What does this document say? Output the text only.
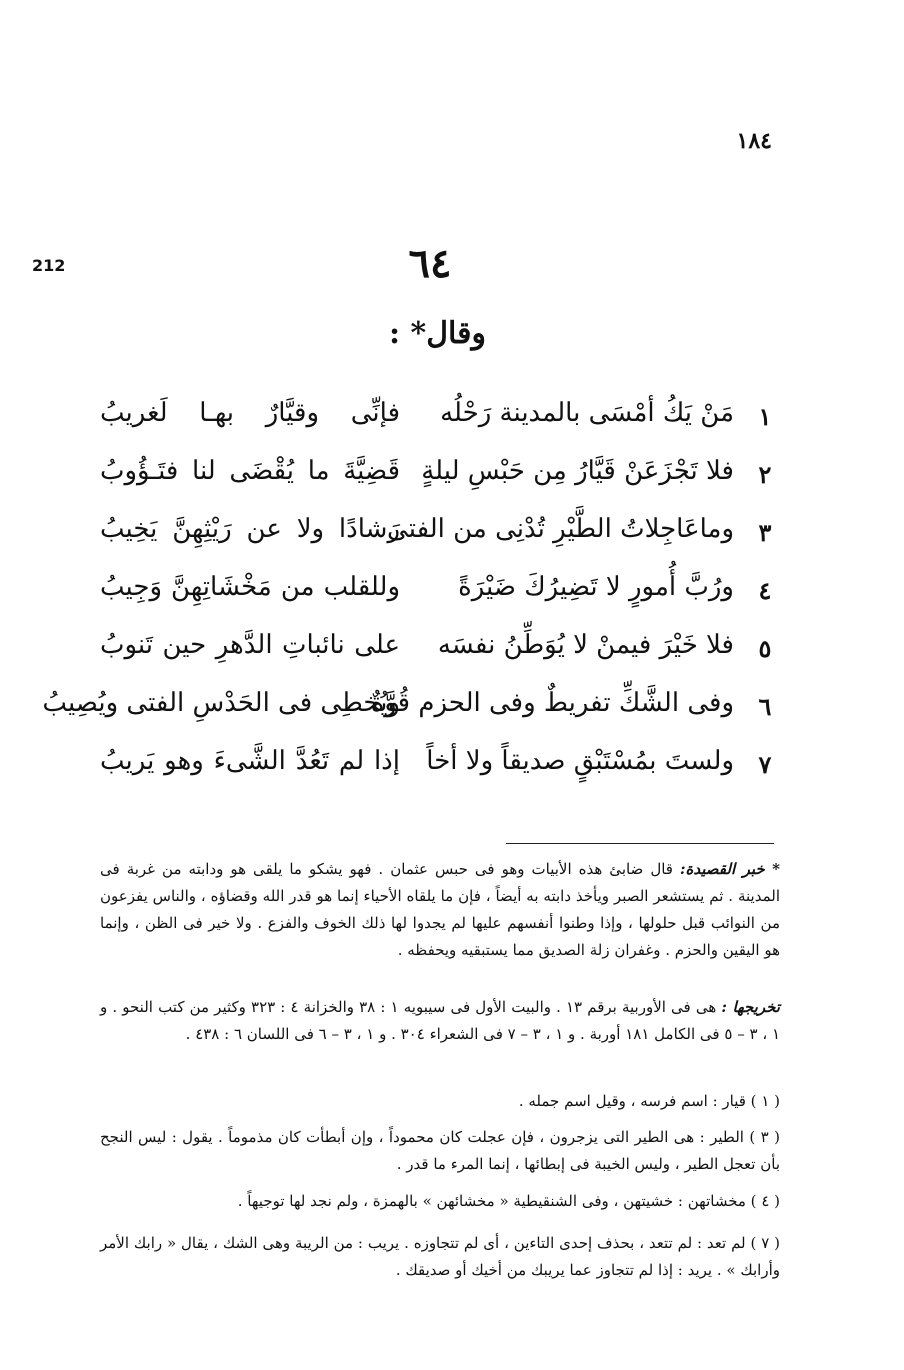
١٨٤
212	٦٤
وقال* :
١
مَنْ يَكُ أمْسَى بالمدينة رَحْلُه
فإنِّى وقيَّارٌ بهـا لَغريبُ
٢
فلا تَجْزَعَنْ قَيَّارُ مِن حَبْسِ ليلةٍ
قَضِيَّةَ ما يُقْضَى لنا فتَـؤُوبُ
٣
وماعَاجِلاتُ الطَّيْرِ تُدْنِى من الفتى
رَشادًا ولا عن رَيْثِهِنَّ يَخِيبُ
٤
ورُبَّ أُمورٍ لا تَضِيرُكَ ضَيْرَةً
وللقلب من مَخْشَاتِهِنَّ وَجِيبُ
٥
فلا خَيْرَ فيمنْ لا يُوَطِّنُ نفسَه
على نائباتِ الدَّهرِ حين تَنوبُ
٦
وفى الشَّكِّ تفريطٌ وفى الحزم قُوَّةٌ
ويُخطِى فى الحَدْسِ الفتى ويُصِيبُ
٧
ولستَ بمُسْتَبْقٍ صديقاً ولا أخاً
إذا لم تَعُدَّ الشَّىءَ وهو يَريبُ
* خبر القصيدة: قال ضابئ هذه الأبيات وهو فى حبس عثمان . فهو يشكو ما يلقى هو ودابته من غربة فى المدينة . ثم يستشعر الصبر ويأخذ دابته به أيضاً ، فإن ما يلقاه الأحياء إنما هو قدر الله وقضاؤه ، والناس يفزعون من النوائب قبل حلولها ، وإذا وطنوا أنفسهم عليها لم يجدوا لها ذلك الخوف والفزع . ولا خير فى الظن ، وإنما هو اليقين والحزم . وغفران زلة الصديق مما يستبقيه ويحفظه .
تخريجها : هى فى الأوربية برقم ١٣ . والبيت الأول فى سيبويه ١ : ٣٨ والخزانة ٤ : ٣٢٣ وكثير من كتب النحو . و ١ ، ٣ – ٥ فى الكامل ١٨١ أوربة . و ١ ، ٣ – ٧ فى الشعراء ٣٠٤ . و ١ ، ٣ – ٦ فى اللسان ٦ : ٤٣٨ .
( ١ ) قيار : اسم فرسه ، وقيل اسم جمله .
( ٣ ) الطير : هى الطير التى يزجرون ، فإن عجلت كان محموداً ، وإن أبطأت كان مذموماً . يقول : ليس النجح بأن تعجل الطير ، وليس الخيبة فى إبطائها ، إنما المرء ما قدر .
( ٤ ) مخشاتهن : خشيتهن ، وفى الشنقيطية « مخشائهن » بالهمزة ، ولم نجد لها توجيهاً .
( ٧ ) لم تعد : لم تتعد ، بحذف إحدى التاءين ، أى لم تتجاوزه . يريب : من الريبة وهى الشك ، يقال « رابك الأمر وأرابك » . يريد : إذا لم تتجاوز عما يريبك من أخيك أو صديقك .
